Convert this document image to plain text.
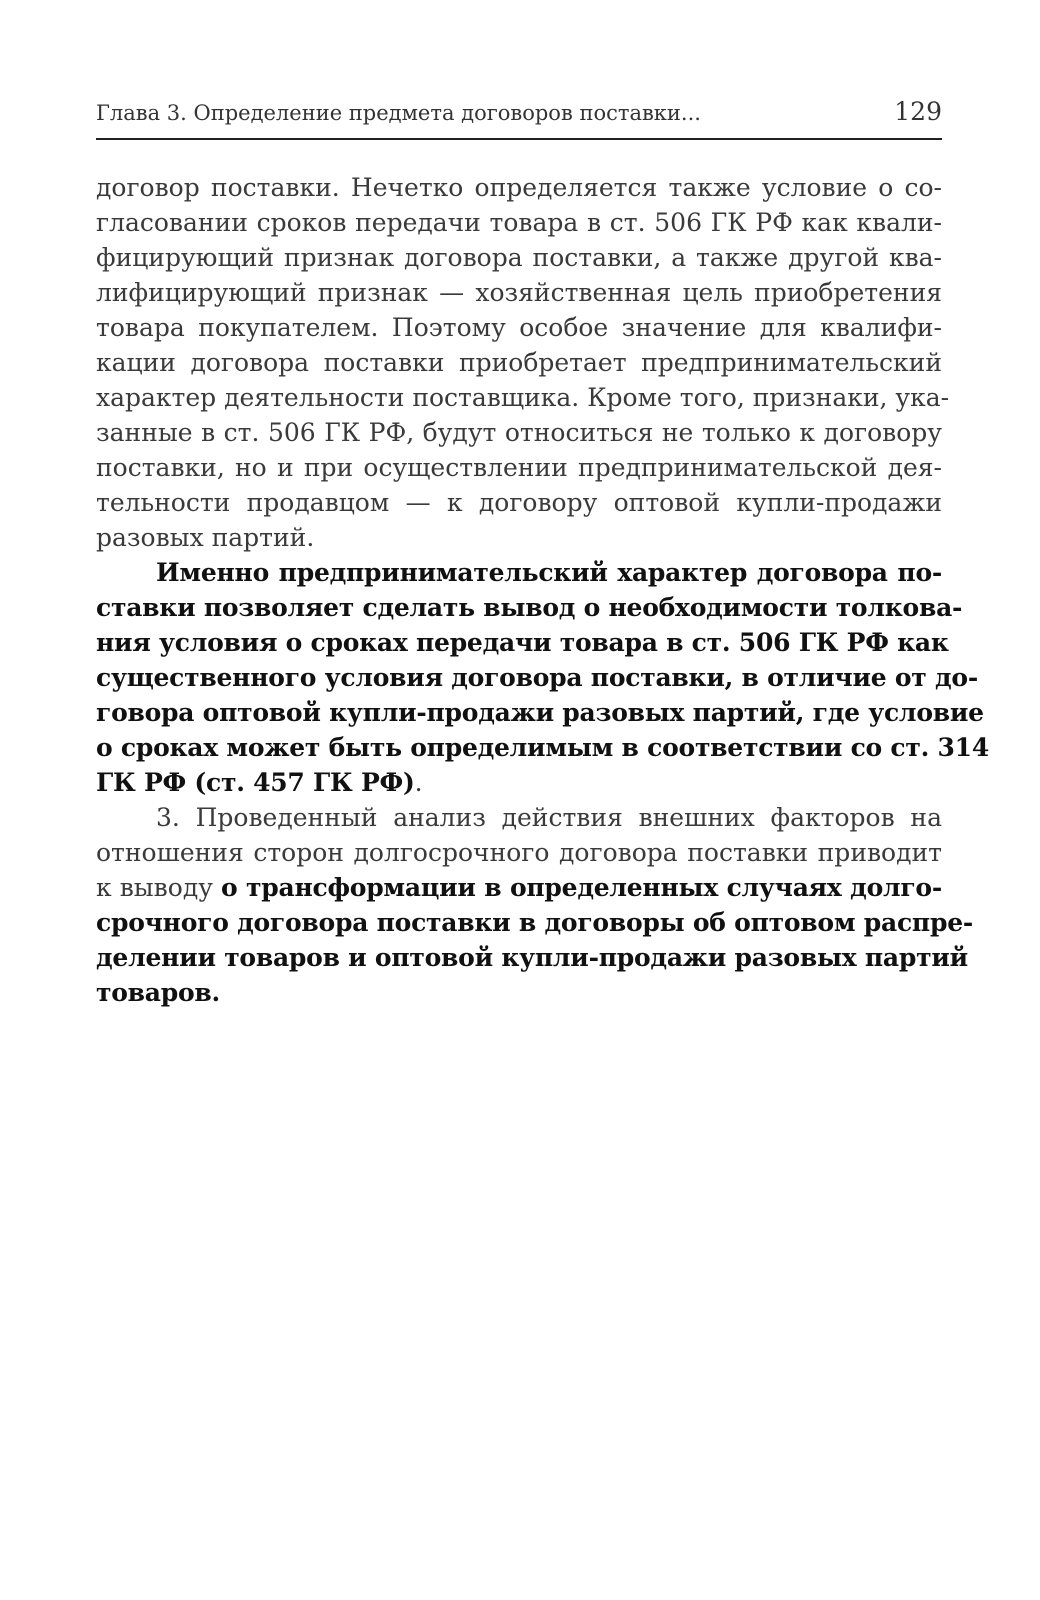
Глава 3. Определение предмета договоров поставки...	129
договор поставки. Нечетко определяется также условие о со-
гласовании сроков передачи товара в ст. 506 ГК РФ как квали-
фицирующий признак договора поставки, а также другой ква-
лифицирующий признак — хозяйственная цель приобретения
товара покупателем. Поэтому особое значение для квалифи-
кации договора поставки приобретает предпринимательский
характер деятельности поставщика. Кроме того, признаки, ука-
занные в ст. 506 ГК РФ, будут относиться не только к договору
поставки, но и при осуществлении предпринимательской дея-
тельности продавцом — к договору оптовой купли-продажи
разовых партий.
Именно предпринимательский характер договора по-
ставки позволяет сделать вывод о необходимости толкова-
ния условия о сроках передачи товара в ст. 506 ГК РФ как
существенного условия договора поставки, в отличие от до-
говора оптовой купли-продажи разовых партий, где условие
о сроках может быть определимым в соответствии со ст. 314
ГК РФ (ст. 457 ГК РФ).
3. Проведенный анализ действия внешних факторов на
отношения сторон долгосрочного договора поставки приводит
к выводу о трансформации в определенных случаях долго-
срочного договора поставки в договоры об оптовом распре-
делении товаров и оптовой купли-продажи разовых партий
товаров.
